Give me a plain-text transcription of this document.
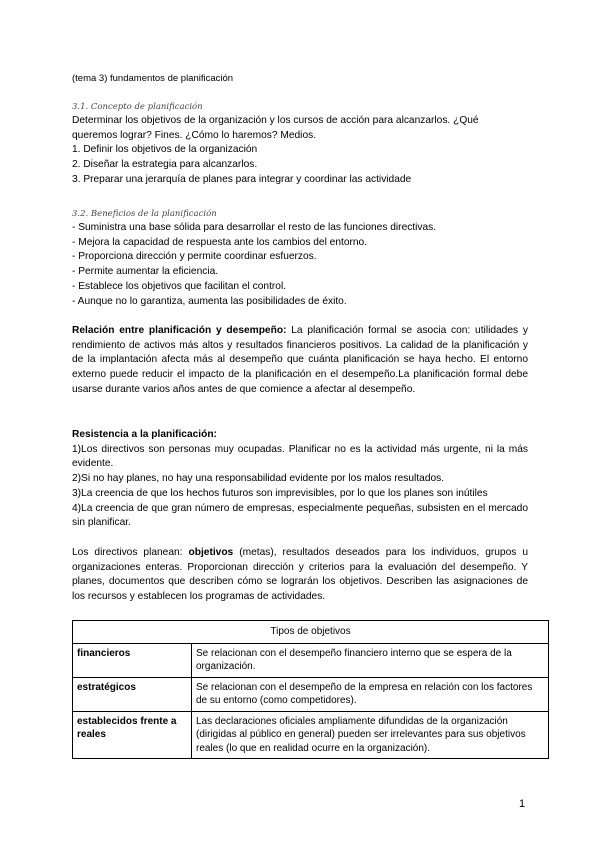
(tema 3) fundamentos de planificación

3.1. Concepto de planificación

Determinar los objetivos de la organización y los cursos de acción para alcanzarlos. ¿Qué

queremos lograr? Fines. ¿Cómo lo haremos? Medios.

1. Definir los objetivos de la organización

2. Diseñar la estrategia para alcanzarlos.

3. Preparar una jerarquía de planes para integrar y coordinar las actividade

3.2. Beneficios de la planificación

- Suministra una base sólida para desarrollar el resto de las funciones directivas.

- Mejora la capacidad de respuesta ante los cambios del entorno.

- Proporciona dirección y permite coordinar esfuerzos.

- Permite aumentar la eficiencia.

- Establece los objetivos que facilitan el control.

- Aunque no lo garantiza, aumenta las posibilidades de éxito.

Relación entre planificación y desempeño: La planificación formal se asocia con: utilidades y rendimiento de activos más altos y resultados financieros positivos. La calidad de la planificación y de la implantación afecta más al desempeño que cuánta planificación se haya hecho. El entorno externo puede reducir el impacto de la planificación en el desempeño.La planificación formal debe usarse durante varios años antes de que comience a afectar al desempeño.

Resistencia a la planificación:

1)Los directivos son personas muy ocupadas. Planificar no es la actividad más urgente, ni la más evidente.

2)Si no hay planes, no hay una responsabilidad evidente por los malos resultados.

3)La creencia de que los hechos futuros son imprevisibles, por lo que los planes son inútiles

4)La creencia de que gran número de empresas, especialmente pequeñas, subsisten en el mercado sin planificar.

Los directivos planean: objetivos (metas), resultados deseados para los individuos, grupos u organizaciones enteras. Proporcionan dirección y criterios para la evaluación del desempeño. Y planes, documentos que describen cómo se lograrán los objetivos. Describen las asignaciones de los recursos y establecen los programas de actividades.

Tipos de objetivos	
financieros	Se relacionan con el desempeño financiero interno que se espera de la organización.
estratégicos	Se relacionan con el desempeño de la empresa en relación con los factores de su entorno (como competidores).
establecidos frente a reales	Las declaraciones oficiales ampliamente difundidas de la organización (dirigidas al público en general) pueden ser irrelevantes para sus objetivos reales (lo que en realidad ocurre en la organización).
1
